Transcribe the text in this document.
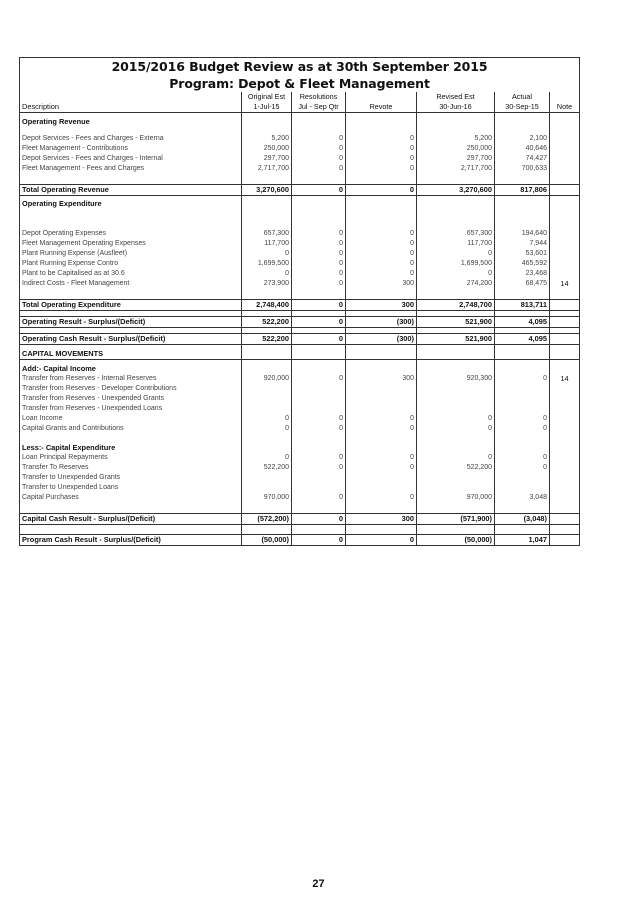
2015/2016 Budget Review as at 30th September 2015						
Program: Depot & Fleet Management						
	Original Est	Resolutions		Revised Est	Actual	
Description	1-Jul-15	Jul - Sep Qtr	Revote	30-Jun-16	30-Sep-15	Note

Operating Revenue						

Depot Services - Fees and Charges - Externa	5,200	0	0	5,200	2,100	
Fleet Management - Contributions	250,000	0	0	250,000	40,646	
Depot Services - Fees and Charges - Internal	297,700	0	0	297,700	74,427	
Fleet Management - Fees and Charges	2,717,700	0	0	2,717,700	700,633	

Total Operating Revenue	3,270,600	0	0	3,270,600	817,806	

Operating Expenditure						

Depot Operating Expenses	657,300	0	0	657,300	194,640	
Fleet Management Operating Expenses	117,700	0	0	117,700	7,944	
Plant Running Expense (Ausfleet)	0	0	0	0	53,601	
Plant Running Expense Contro	1,699,500	0	0	1,699,500	465,592	
Plant to be Capitalised as at 30.6	0	0	0	0	23,468	
Indirect Costs - Fleet Management	273,900	0	300	274,200	68,475	14

Total Operating Expenditure	2,748,400	0	300	2,748,700	813,711	

Operating Result - Surplus/(Deficit)	522,200	0	(300)	521,900	4,095	

Operating Cash Result - Surplus/(Deficit)	522,200	0	(300)	521,900	4,095	

CAPITAL MOVEMENTS						

Add:- Capital Income						
Transfer from Reserves - Internal Reserves	920,000	0	300	920,300	0	14
Transfer from Reserves - Developer Contributions						
Transfer from Reserves - Unexpended Grants						
Transfer from Reserves - Unexpended Loans						
Loan Income	0	0	0	0	0	
Capital Grants and Contributions	0	0	0	0	0	

Less:- Capital Expenditure						
Loan Principal Repayments	0	0	0	0	0	
Transfer To Reserves	522,200	0	0	522,200	0	
Transfer to Unexpended Grants						
Transfer to Unexpended Loans						
Capital Purchases	970,000	0	0	970,000	3,048	

Capital Cash Result - Surplus/(Deficit)	(572,200)	0	300	(571,900)	(3,048)	

Program Cash Result - Surplus/(Deficit)	(50,000)	0	0	(50,000)	1,047	
27
